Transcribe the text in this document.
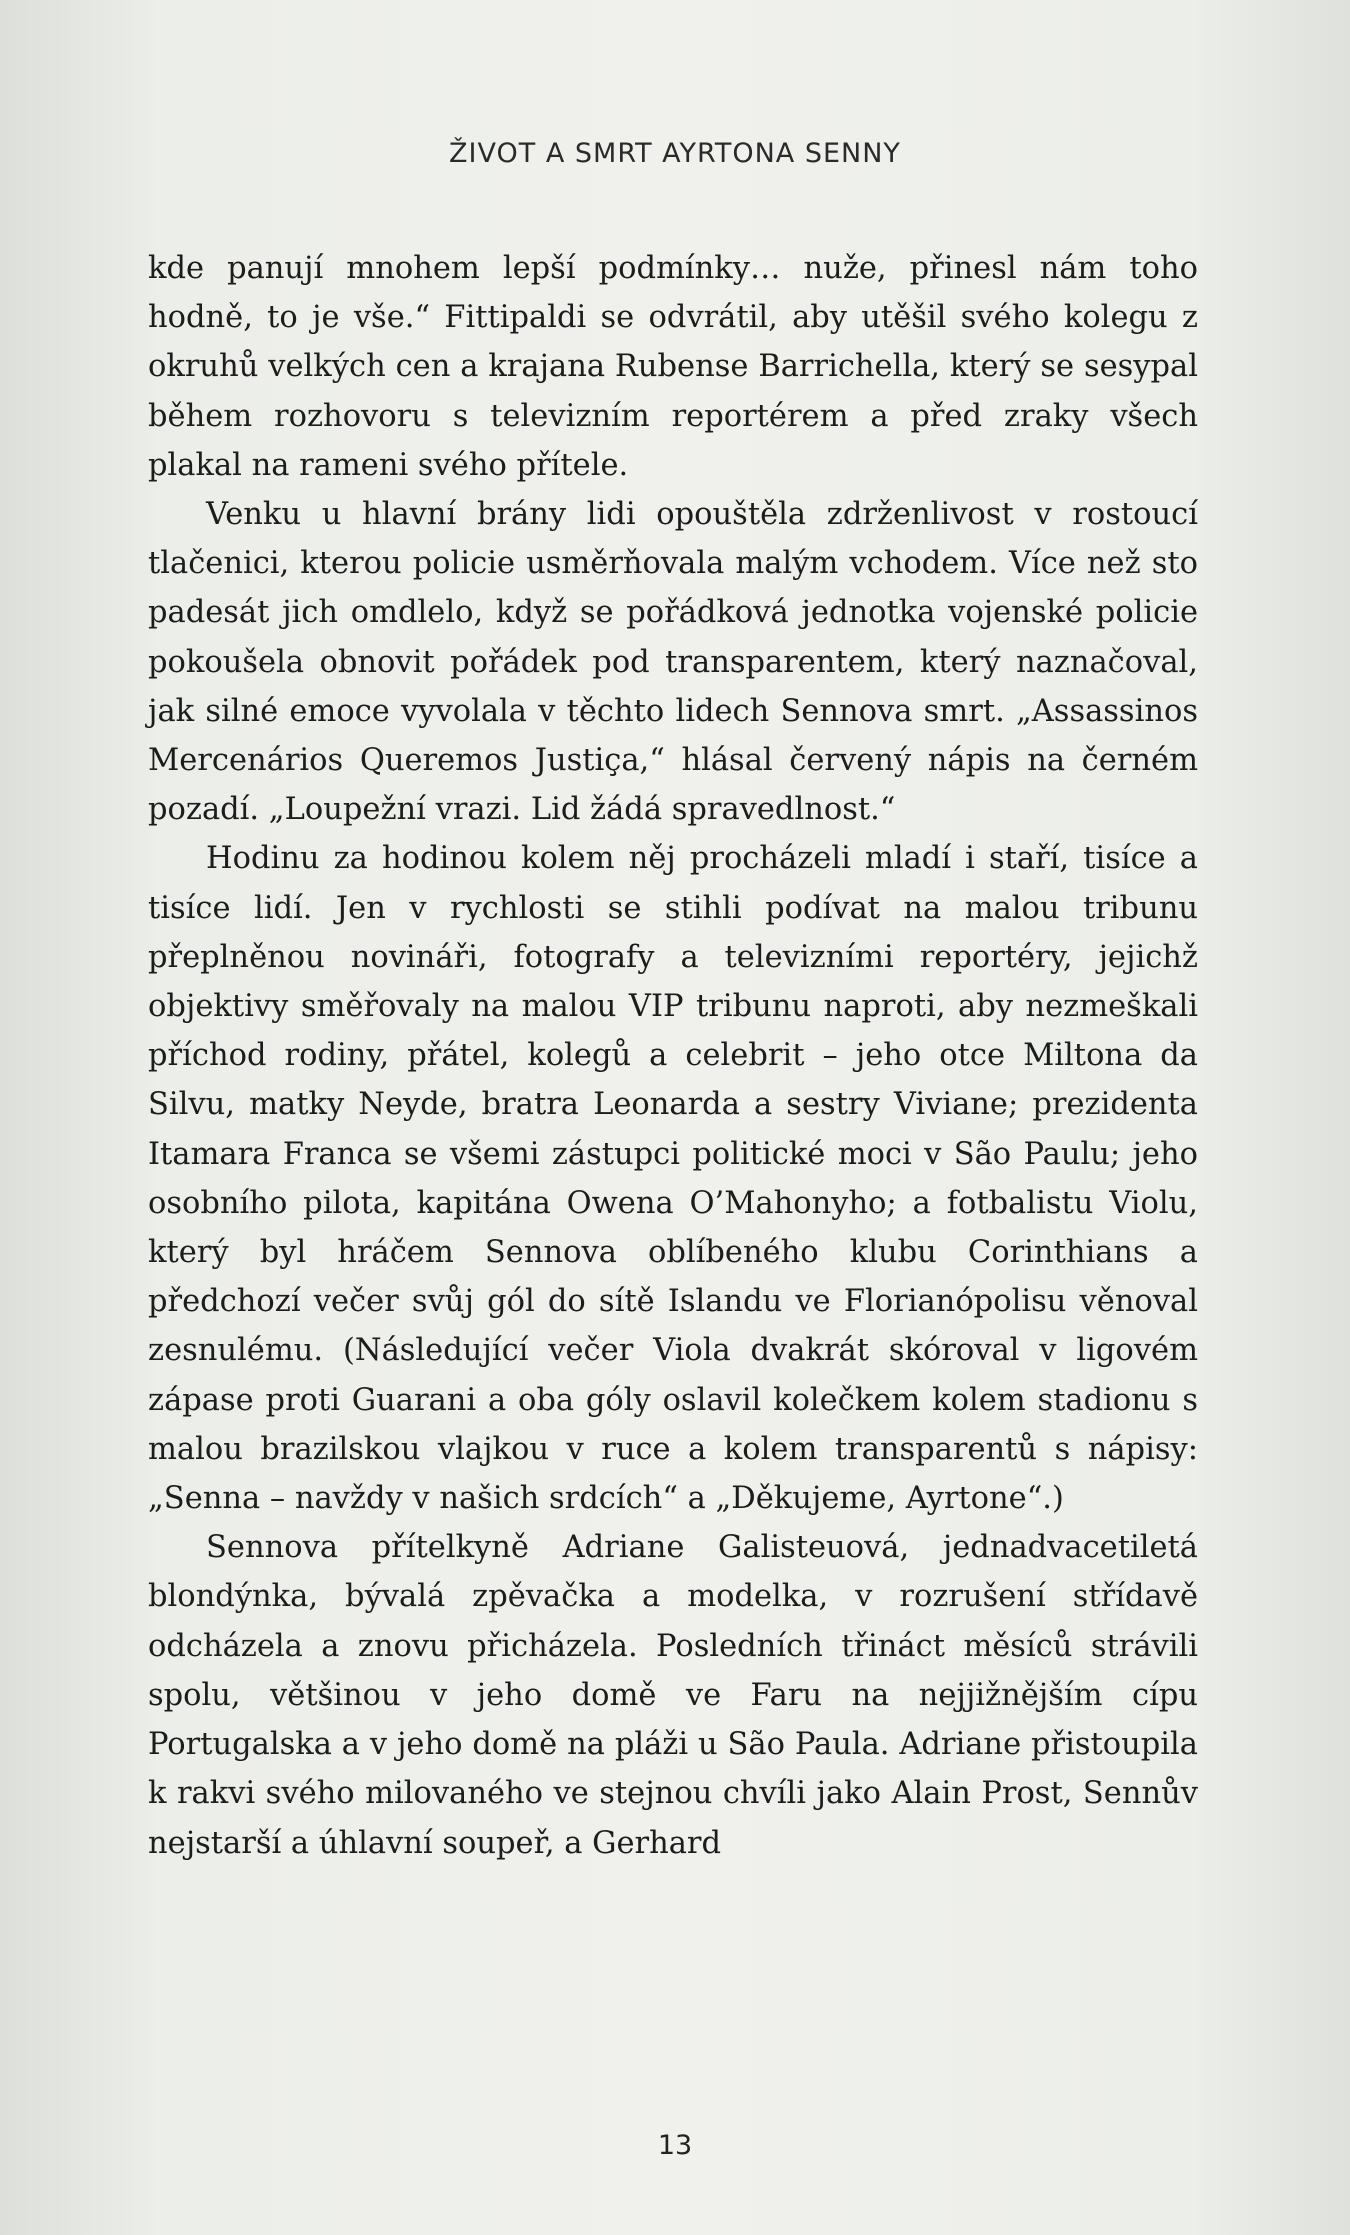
ŽIVOT A SMRT AYRTONA SENNY

kde panují mnohem lepší podmínky… nuže, přinesl nám toho hodně, to je vše.“ Fittipaldi se odvrátil, aby utěšil svého kolegu z okruhů velkých cen a krajana Rubense Barrichella, který se sesypal během rozhovoru s televizním reportérem a před zraky všech plakal na rameni svého přítele.

Venku u hlavní brány lidi opouštěla zdrženlivost v rostoucí tlačenici, kterou policie usměrňovala malým vchodem. Více než sto padesát jich omdlelo, když se pořádková jednotka vojenské policie pokoušela obnovit pořádek pod transparentem, který naznačoval, jak silné emoce vyvolala v těchto lidech Sennova smrt. „Assassinos Mercenários Queremos Justiça,“ hlásal červený nápis na černém pozadí. „Loupežní vrazi. Lid žádá spravedlnost.“

Hodinu za hodinou kolem něj procházeli mladí i staří, tisíce a tisíce lidí. Jen v rychlosti se stihli podívat na malou tribunu přeplněnou novináři, fotografy a televizními reportéry, jejichž objektivy směřovaly na malou VIP tribunu naproti, aby nezmeškali příchod rodiny, přátel, kolegů a celebrit – jeho otce Miltona da Silvu, matky Neyde, bratra Leonarda a sestry Viviane; prezidenta Itamara Franca se všemi zástupci politické moci v São Paulu; jeho osobního pilota, kapitána Owena O’Mahonyho; a fotbalistu Violu, který byl hráčem Sennova oblíbeného klubu Corinthians a předchozí večer svůj gól do sítě Islandu ve Florianópolisu věnoval zesnulému. (Následující večer Viola dvakrát skóroval v ligovém zápase proti Guarani a oba góly oslavil kolečkem kolem stadionu s malou brazilskou vlajkou v ruce a kolem transparentů s nápisy: „Senna – navždy v našich srdcích“ a „Děkujeme, Ayrtone“.)

Sennova přítelkyně Adriane Galisteuová, jednadvacetiletá blondýnka, bývalá zpěvačka a modelka, v rozrušení střídavě odcházela a znovu přicházela. Posledních třináct měsíců strávili spolu, většinou v jeho domě ve Faru na nejjižnějším cípu Portugalska a v jeho domě na pláži u São Paula. Adriane přistoupila k rakvi svého milovaného ve stejnou chvíli jako Alain Prost, Sennův nejstarší a úhlavní soupeř, a Gerhard

13
